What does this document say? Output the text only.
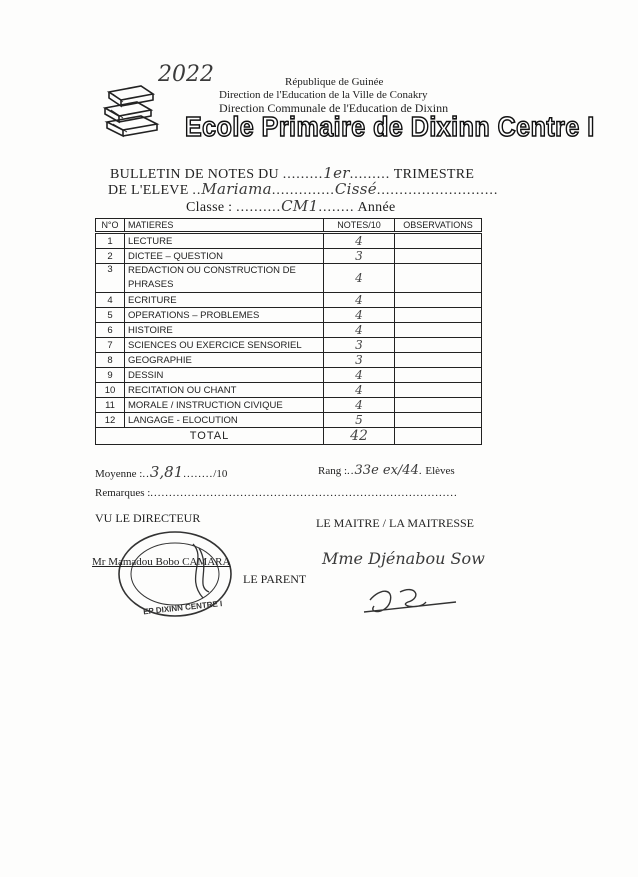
2022	République de Guinée
Direction de l'Education de la Ville de Conakry
Direction Communale de l'Education de Dixinn
Ecole Primaire de Dixinn Centre I
BULLETIN DE NOTES DU .........1er......... TRIMESTRE
DE L'ELEVE ..Mariama..............Cissé...........................
Classe : ..........CM1........ Année
N°O	MATIERES	NOTES/10	OBSERVATIONS
1	LECTURE	4	
2	DICTEE – QUESTION	3	
3	REDACTION OU CONSTRUCTION DE PHRASES	4	
4	ECRITURE	4	
5	OPERATIONS – PROBLEMES	4	
6	HISTOIRE	4	
7	SCIENCES OU EXERCICE SENSORIEL	3	
8	GEOGRAPHIE	3	
9	DESSIN	4	
10	RECITATION OU CHANT	4	
11	MORALE / INSTRUCTION CIVIQUE	4	
12	LANGAGE - ELOCUTION	5	
TOTAL		42	
Moyenne :..3,81......../10	Rang :..33e ex/44. Elèves
Remarques :..................................................................................
VU LE DIRECTEUR	LE MAITRE / LA MAITRESSE
EP DIXINN CENTRE I
Mr Mamadou Bobo CAMARA
LE PARENT
Mme Djénabou Sow
